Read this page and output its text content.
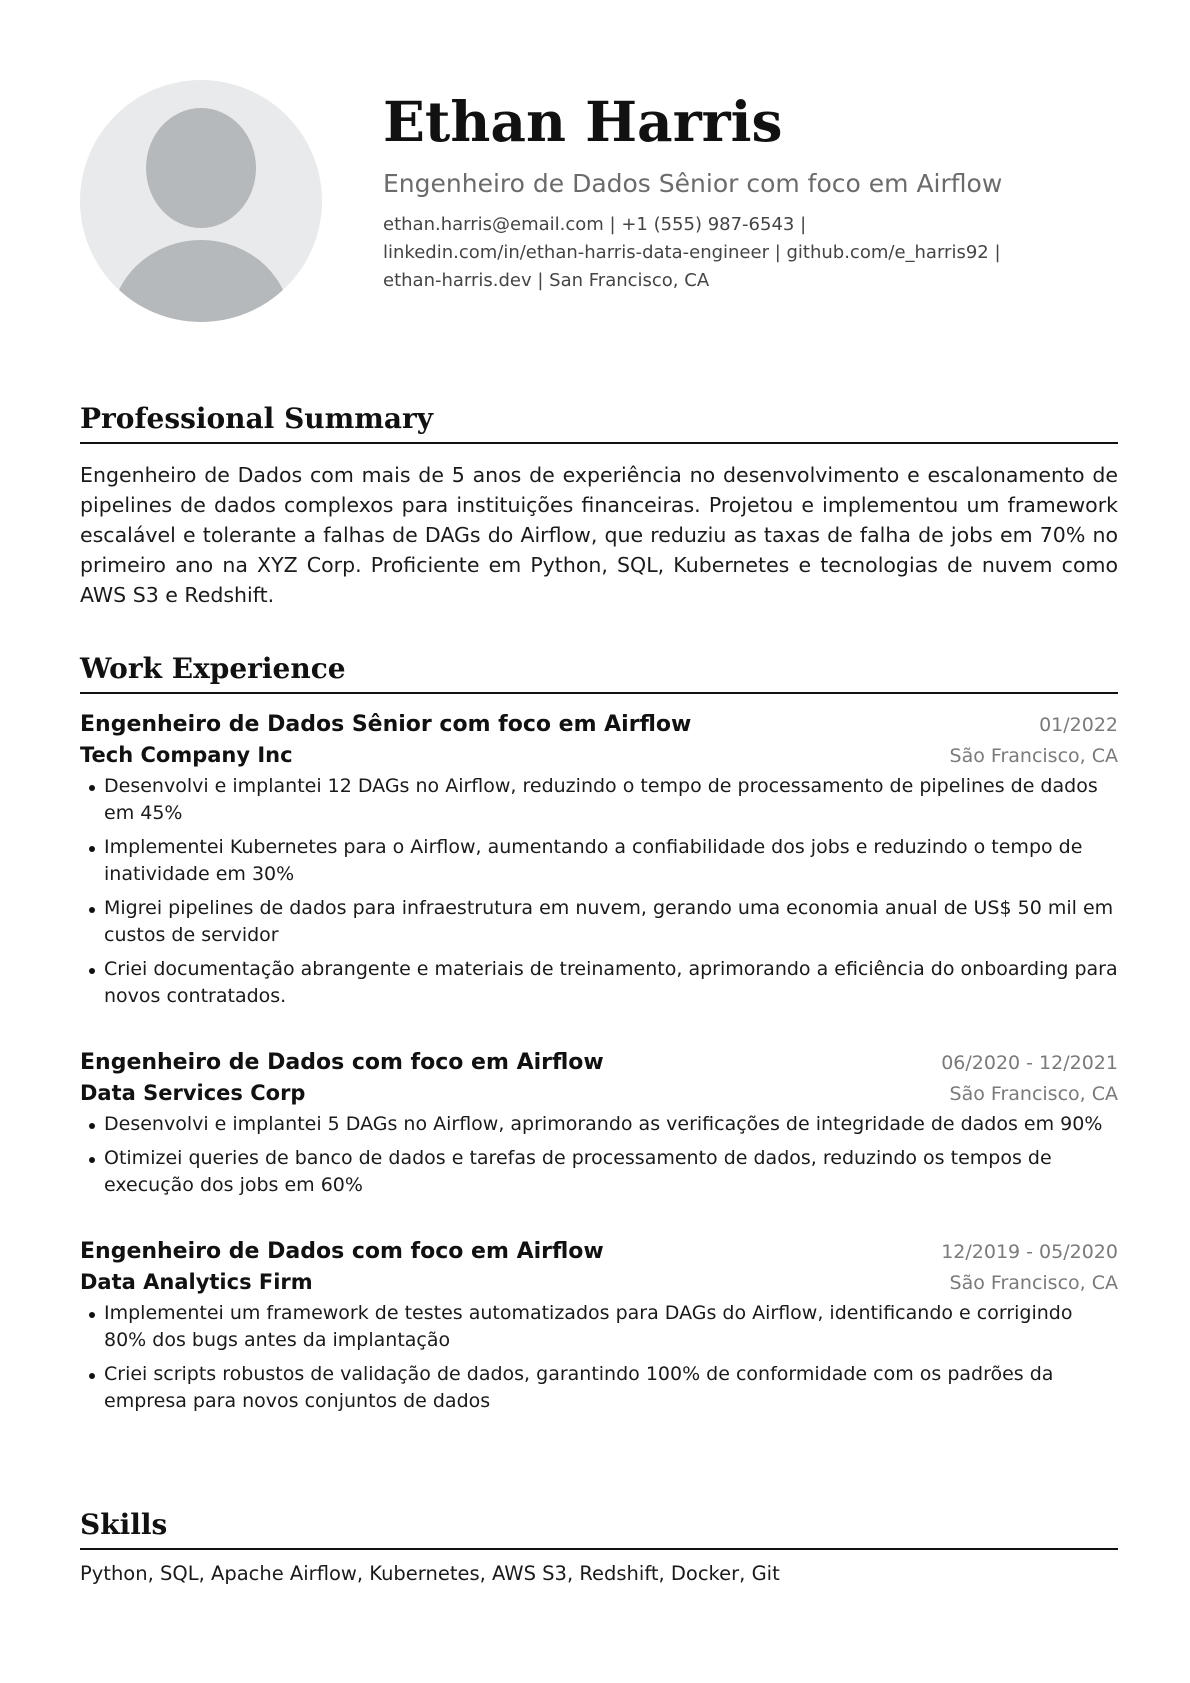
Ethan Harris
Engenheiro de Dados Sênior com foco em Airflow
ethan.harris@email.com | +1 (555) 987-6543 |
linkedin.com/in/ethan-harris-data-engineer | github.com/e_harris92 |
ethan-harris.dev | San Francisco, CA
Professional Summary
Engenheiro de Dados com mais de 5 anos de experiência no desenvolvimento e escalonamento de pipelines de dados complexos para instituições financeiras. Projetou e implementou um framework escalável e tolerante a falhas de DAGs do Airflow, que reduziu as taxas de falha de jobs em 70% no primeiro ano na XYZ Corp. Proficiente em Python, SQL, Kubernetes e tecnologias de nuvem como AWS S3 e Redshift.
Work Experience
Engenheiro de Dados Sênior com foco em Airflow	01/2022
Tech Company Inc	São Francisco, CA
Desenvolvi e implantei 12 DAGs no Airflow, reduzindo o tempo de processamento de pipelines de dados em 45%
Implementei Kubernetes para o Airflow, aumentando a confiabilidade dos jobs e reduzindo o tempo de inatividade em 30%
Migrei pipelines de dados para infraestrutura em nuvem, gerando uma economia anual de US$ 50 mil em custos de servidor
Criei documentação abrangente e materiais de treinamento, aprimorando a eficiência do onboarding para novos contratados.
Engenheiro de Dados com foco em Airflow	06/2020 - 12/2021
Data Services Corp	São Francisco, CA
Desenvolvi e implantei 5 DAGs no Airflow, aprimorando as verificações de integridade de dados em 90%
Otimizei queries de banco de dados e tarefas de processamento de dados, reduzindo os tempos de execução dos jobs em 60%
Engenheiro de Dados com foco em Airflow	12/2019 - 05/2020
Data Analytics Firm	São Francisco, CA
Implementei um framework de testes automatizados para DAGs do Airflow, identificando e corrigindo 80% dos bugs antes da implantação
Criei scripts robustos de validação de dados, garantindo 100% de conformidade com os padrões da empresa para novos conjuntos de dados
Skills
Python, SQL, Apache Airflow, Kubernetes, AWS S3, Redshift, Docker, Git
